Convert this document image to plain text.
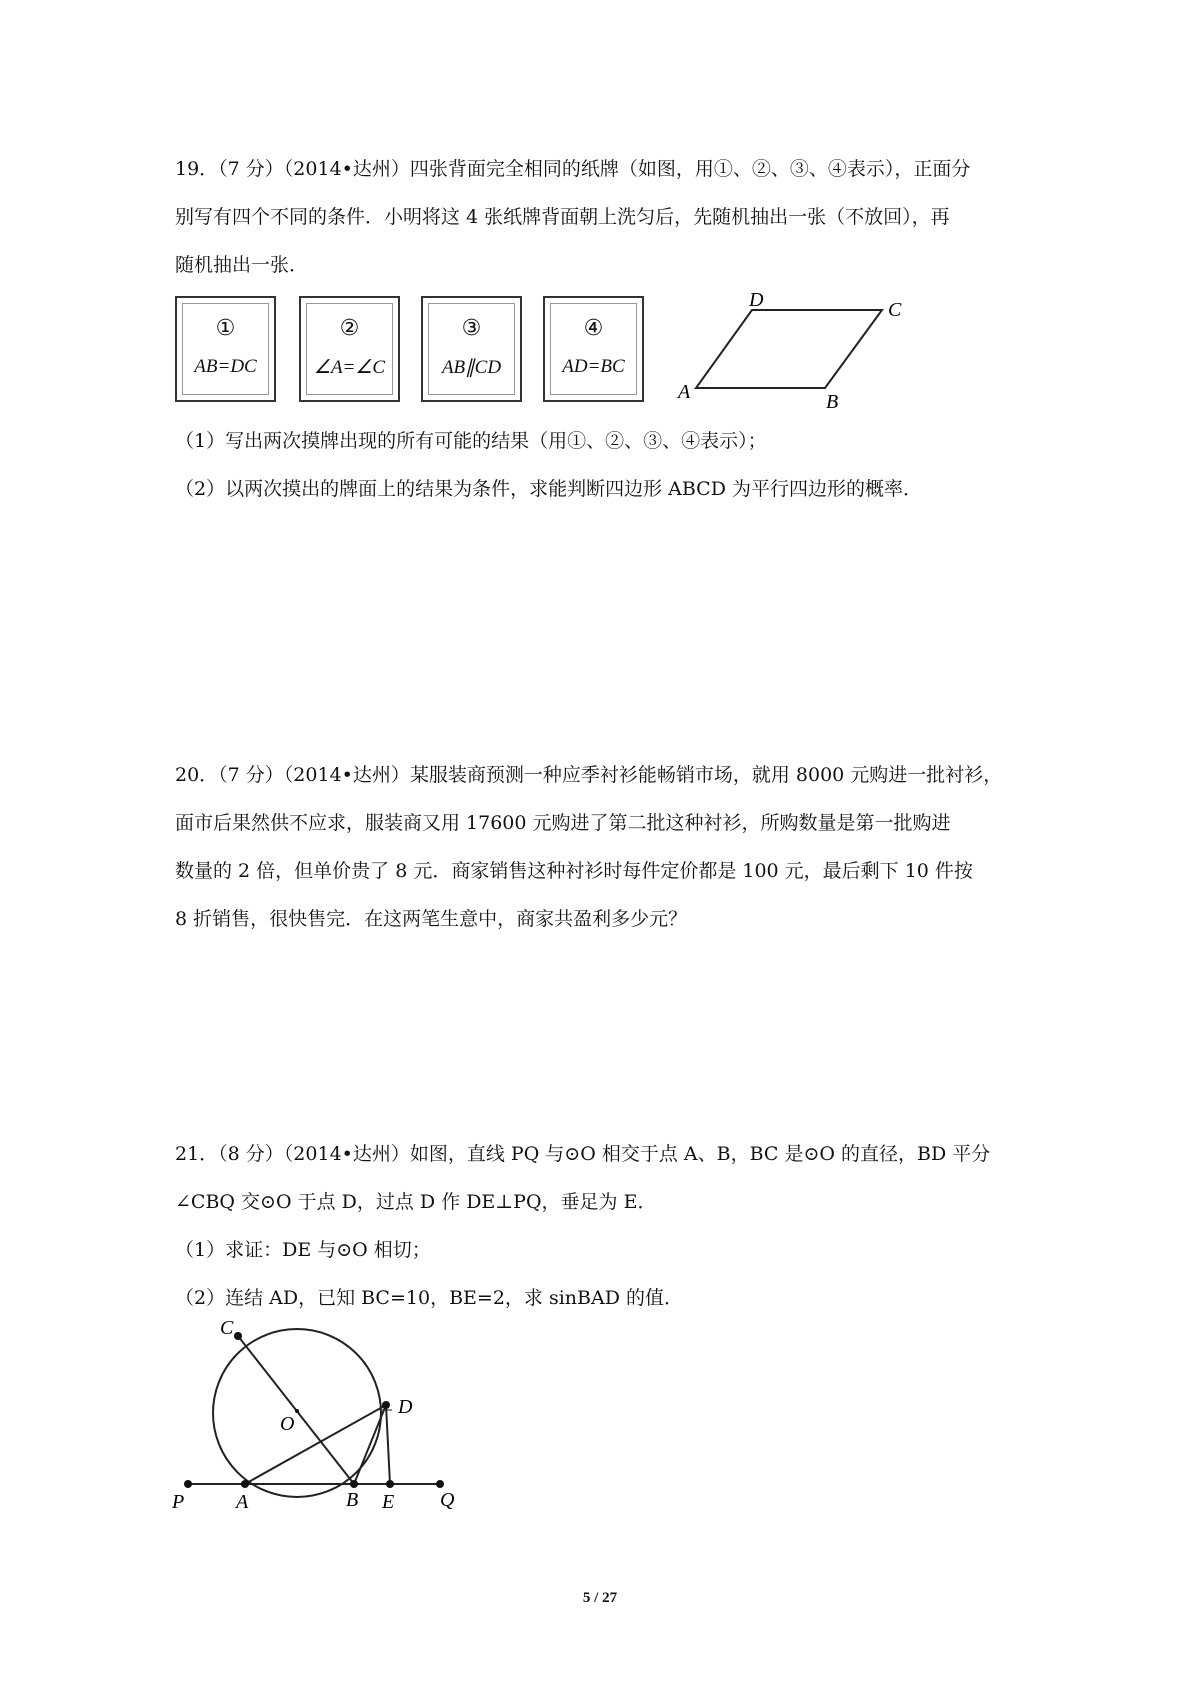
19．（7 分）（2014•达州）四张背面完全相同的纸牌（如图，用①、②、③、④表示），正面分
别写有四个不同的条件．小明将这 4 张纸牌背面朝上洗匀后，先随机抽出一张（不放回），再
随机抽出一张．
①
AB=DC
②
∠A=∠C
③
AB∥CD
④
AD=BC
A	B
C
D
（1）写出两次摸牌出现的所有可能的结果（用①、②、③、④表示）；
（2）以两次摸出的牌面上的结果为条件，求能判断四边形 ABCD 为平行四边形的概率．
20．（7 分）（2014•达州）某服装商预测一种应季衬衫能畅销市场，就用 8000 元购进一批衬衫，
面市后果然供不应求，服装商又用 17600 元购进了第二批这种衬衫，所购数量是第一批购进
数量的 2 倍，但单价贵了 8 元．商家销售这种衬衫时每件定价都是 100 元，最后剩下 10 件按
8 折销售，很快售完．在这两笔生意中，商家共盈利多少元？
21．（8 分）（2014•达州）如图，直线 PQ 与⊙O 相交于点 A、B，BC 是⊙O 的直径，BD 平分
∠CBQ 交⊙O 于点 D，过点 D 作 DE⊥PQ，垂足为 E．
（1）求证：DE 与⊙O 相切；
（2）连结 AD，已知 BC=10，BE=2，求 sinBAD 的值．
C
O
D
P	A	B E Q
5 / 27
